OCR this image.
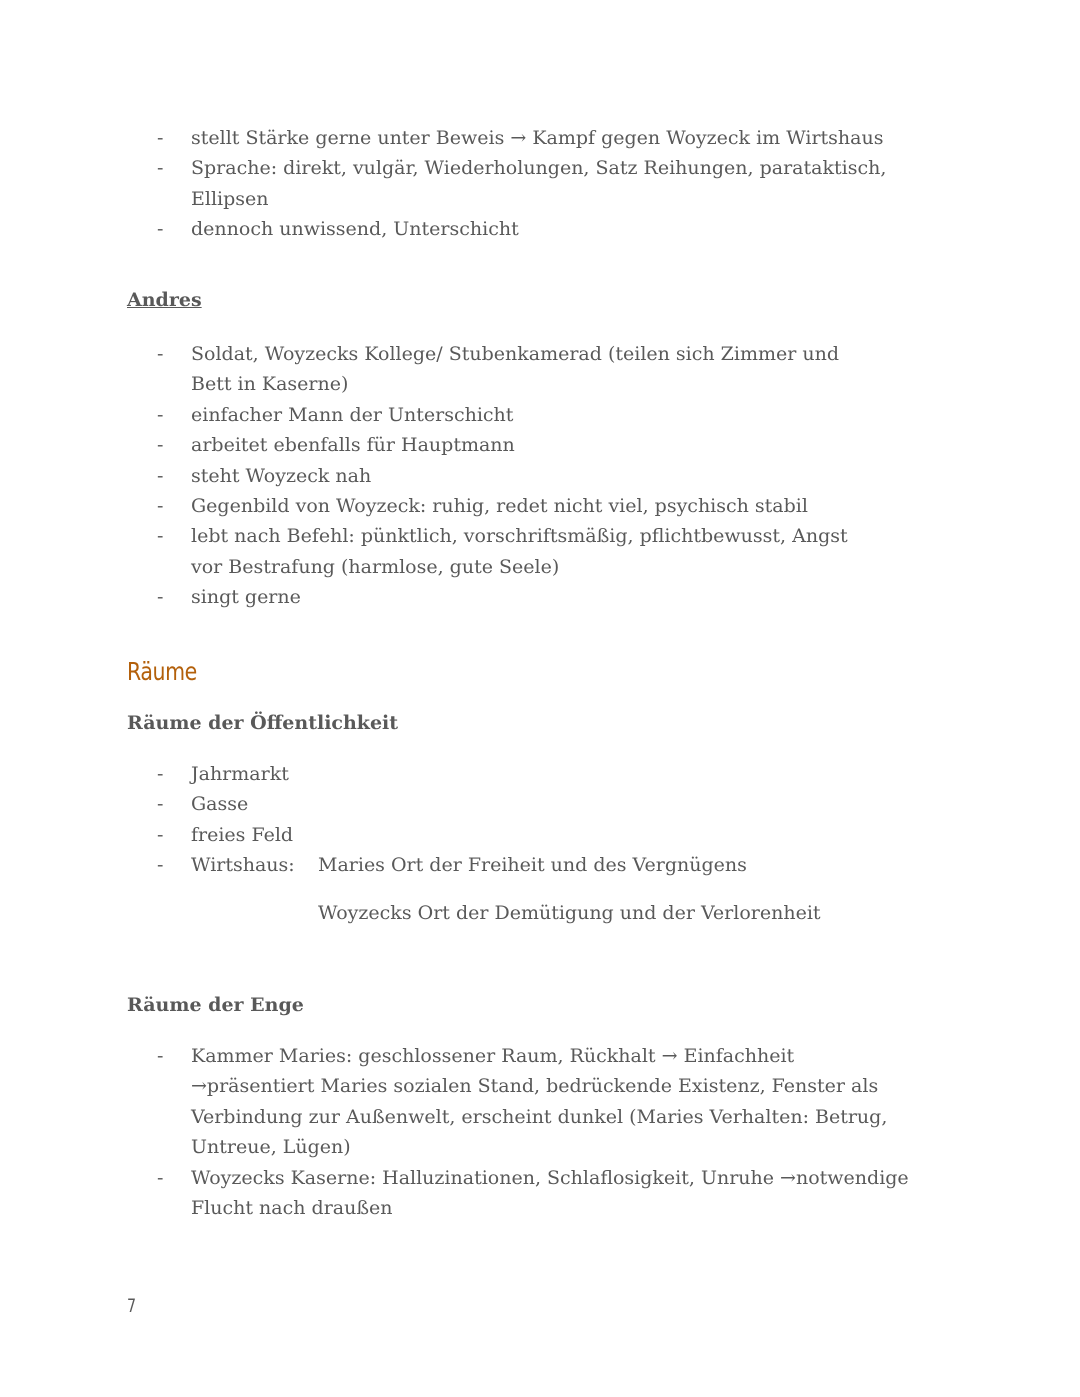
- stellt Stärke gerne unter Beweis → Kampf gegen Woyzeck im Wirtshaus
- Sprache: direkt, vulgär, Wiederholungen, Satz Reihungen, parataktisch, Ellipsen
- dennoch unwissend, Unterschicht
Andres
- Soldat, Woyzecks Kollege/ Stubenkamerad (teilen sich Zimmer und Bett in Kaserne)
- einfacher Mann der Unterschicht
- arbeitet ebenfalls für Hauptmann
- steht Woyzeck nah
- Gegenbild von Woyzeck: ruhig, redet nicht viel, psychisch stabil
- lebt nach Befehl: pünktlich, vorschriftsmäßig, pflichtbewusst, Angst vor Bestrafung (harmlose, gute Seele)
- singt gerne
Räume
Räume der Öffentlichkeit
- Jahrmarkt
- Gasse
- freies Feld
- Wirtshaus: Maries Ort der Freiheit und des Vergnügens
Woyzecks Ort der Demütigung und der Verlorenheit
Räume der Enge
- Kammer Maries: geschlossener Raum, Rückhalt → Einfachheit →präsentiert Maries sozialen Stand, bedrückende Existenz, Fenster als Verbindung zur Außenwelt, erscheint dunkel (Maries Verhalten: Betrug, Untreue, Lügen)
- Woyzecks Kaserne: Halluzinationen, Schlaflosigkeit, Unruhe →notwendige Flucht nach draußen
7
